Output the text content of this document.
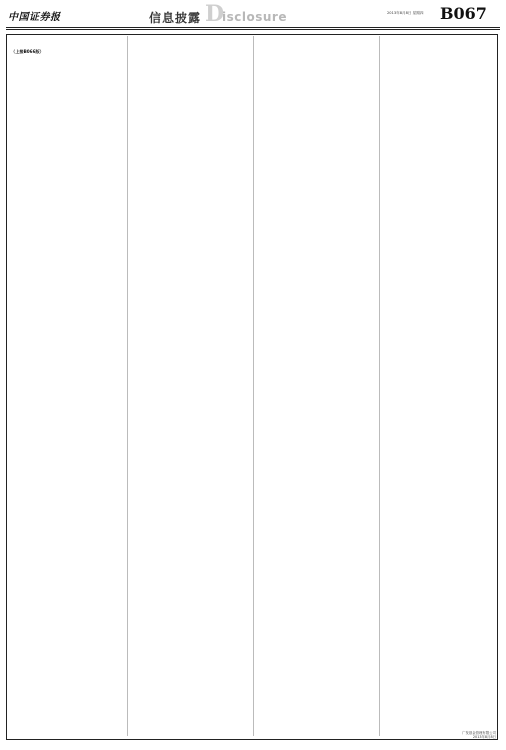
中国证券报	信息披露 D
isclosure	2013年8月8日 星期四 B067
（上接B066版）
广发基金管理有限公司
2013年8月8日
